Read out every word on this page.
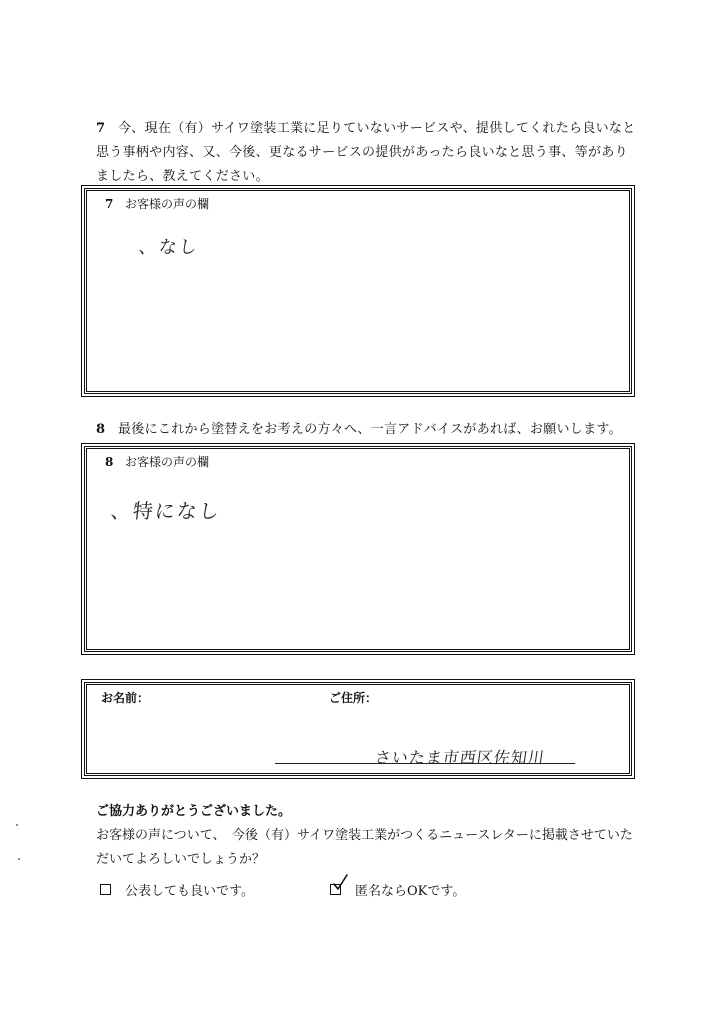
7 今、現在（有）サイワ塗装工業に足りていないサービスや、提供してくれたら良いなと思う事柄や内容、又、今後、更なるサービスの提供があったら良いなと思う事、等がありましたら、教えてください。
7 お客様の声の欄
、なし
8 最後にこれから塗替えをお考えの方々へ、一言アドバイスがあれば、お願いします。
8 お客様の声の欄
、特になし
お名前：	ご住所：
さいたま市西区佐知川
ご協力ありがとうございました。
お客様の声について、　今後（有）サイワ塗装工業がつくるニュースレターに掲載させていただいてよろしいでしょうか？
公表しても良いです。	匿名ならOKです。
